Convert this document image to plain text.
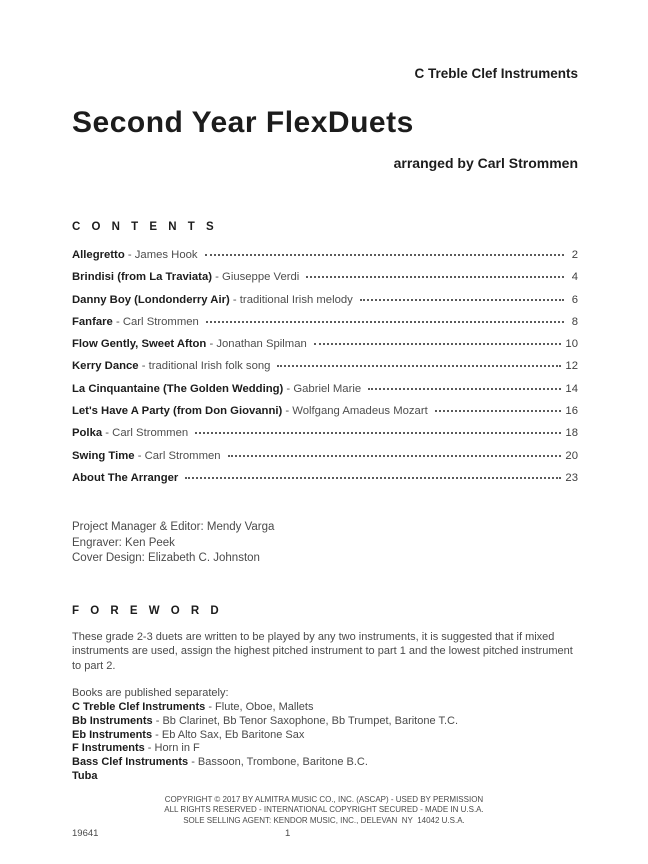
C Treble Clef Instruments
Second Year FlexDuets
arranged by Carl Strommen
C O N T E N T S
Allegretto - James Hook	2
Brindisi (from La Traviata) - Giuseppe Verdi	4
Danny Boy (Londonderry Air) - traditional Irish melody	6
Fanfare - Carl Strommen	8
Flow Gently, Sweet Afton - Jonathan Spilman	10
Kerry Dance - traditional Irish folk song	12
La Cinquantaine (The Golden Wedding) - Gabriel Marie	14
Let's Have A Party (from Don Giovanni) - Wolfgang Amadeus Mozart	16
Polka - Carl Strommen	18
Swing Time - Carl Strommen	20
About The Arranger	23
Project Manager & Editor: Mendy Varga
Engraver: Ken Peek
Cover Design: Elizabeth C. Johnston
F O R E W O R D
These grade 2-3 duets are written to be played by any two instruments, it is suggested that if mixed instruments are used, assign the highest pitched instrument to part 1 and the lowest pitched instrument to part 2.
Books are published separately:
C Treble Clef Instruments - Flute, Oboe, Mallets
Bb Instruments - Bb Clarinet, Bb Tenor Saxophone, Bb Trumpet, Baritone T.C.
Eb Instruments - Eb Alto Sax, Eb Baritone Sax
F Instruments - Horn in F
Bass Clef Instruments - Bassoon, Trombone, Baritone B.C.
Tuba
COPYRIGHT © 2017 BY ALMITRA MUSIC CO., INC. (ASCAP) - USED BY PERMISSION
ALL RIGHTS RESERVED - INTERNATIONAL COPYRIGHT SECURED - MADE IN U.S.A.
SOLE SELLING AGENT: KENDOR MUSIC, INC., DELEVAN  NY  14042 U.S.A.
19641	1
